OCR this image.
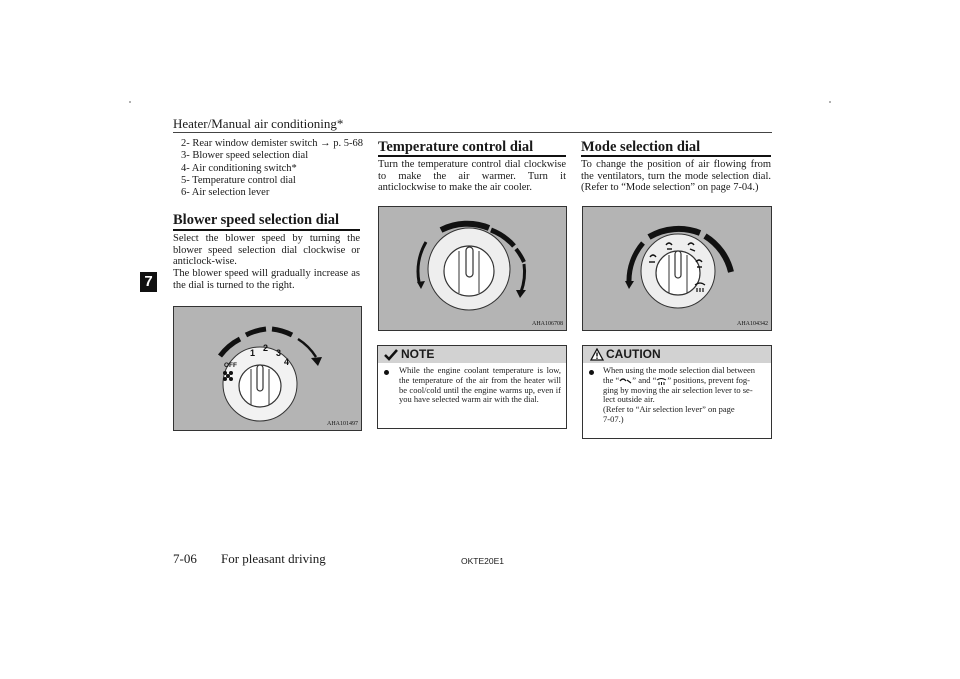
Heater/Manual air conditioning*
7
2- Rear window demister switch → p. 5-68
3- Blower speed selection dial
4- Air conditioning switch*
5- Temperature control dial
6- Air selection lever
Blower speed selection dial
Select the blower speed by turning the blower speed selection dial clockwise or anticlock-wise.
The blower speed will gradually increase as the dial is turned to the right.
OFF
1 2 3
4
AHA101497
Temperature control dial
Turn the temperature control dial clockwise to make the air warmer. Turn it anticlockwise to make the air cooler.
AHA106708
NOTE
While the engine coolant temperature is low, the temperature of the air from the heater will be cool/cold until the engine warms up, even if you have selected warm air with the dial.
Mode selection dial
To change the position of air flowing from the ventilators, turn the mode selection dial. (Refer to “Mode selection” on page 7-04.)
AHA104342
CAUTION
When using the mode selection dial between
the “ ” and “ ” positions, prevent fog-
ging by moving the air selection lever to se-
lect outside air.
(Refer to “Air selection lever” on page
7-07.)
7-06 For pleasant driving	OKTE20E1
